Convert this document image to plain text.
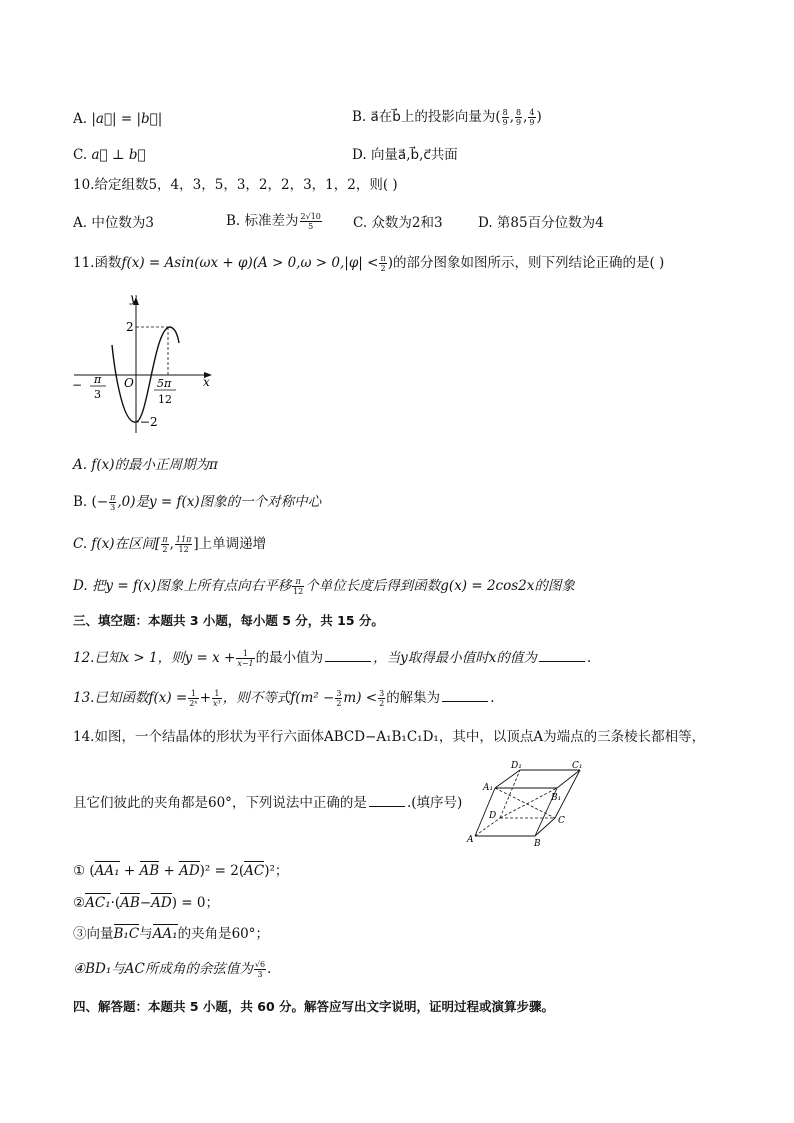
A. |a⃗| = |b⃗|	B. a⃗在b⃗上的投影向量为( $\frac{8}{9}$ , $\frac{8}{9}$ , $\frac{4}{9}$ )
C. a⃗ ⊥ b⃗	D. 向量a⃗,b⃗,c⃗共面
10.给定组数5，4，3，5，3，2，2，3，1，2，则( )
A. 中位数为3	B. 标准差为 $\frac{2√10}{5} C$. 众数为2和3	D. 第85百分位数为4
11.函数$f(x) = Asin(\omega x + \varphi)(A > 0,\omega > 0,|\varphi| < \frac{\pi}{2}$ )的部分图象如图所示，则下列结论正确的是( )
y
x
O
2
−2
− π
3
5π
12
A. f(x)的最小正周期为π
B. (− $\frac{\pi}{3} ,0$)是y = f(x)图象的一个对称中心
C. f(x)在区间[ $\frac{\pi}{2}$ , $\frac{11\pi}{12}$ ]上单调递增
D. 把y = f(x)图象上所有点向右平移 $\frac{\pi}{12}$ 个单位长度后得到函数g(x) = 2cos2x的图象
三、填空题：本题共 3 小题，每小题 5 分，共 15 分。
12.已知x > 1，则$y = x + \frac{1}{x-1}$ 的最小值为	，当y取得最小值时x的值为	.
13.已知函数$f(x) = \frac{1}{\text{2ˣ}} + \frac{1}{\text{x³}}$ ，则不等式$f(m^2 - \frac{3}{2} m) < \frac{3}{2}$ 的解集为	.
14.如图，一个结晶体的形状为平行六面体ABCD−A₁B₁C₁D₁，其中，以顶点A为端点的三条棱长都相等，
且它们彼此的夹角都是60°，下列说法中正确的是	.(填序号)
A	B
C
D
A₁
B₁
C₁
D₁
① (AA₁ + AB + AD)² = 2(AC)²；
②AC₁·(AB−AD) = 0；
③向量B₁C与AA₁的夹角是60°；
④BD₁与AC所成角的余弦值为 $\frac{√6}{3}$ .
四、解答题：本题共 5 小题，共 60 分。解答应写出文字说明，证明过程或演算步骤。
